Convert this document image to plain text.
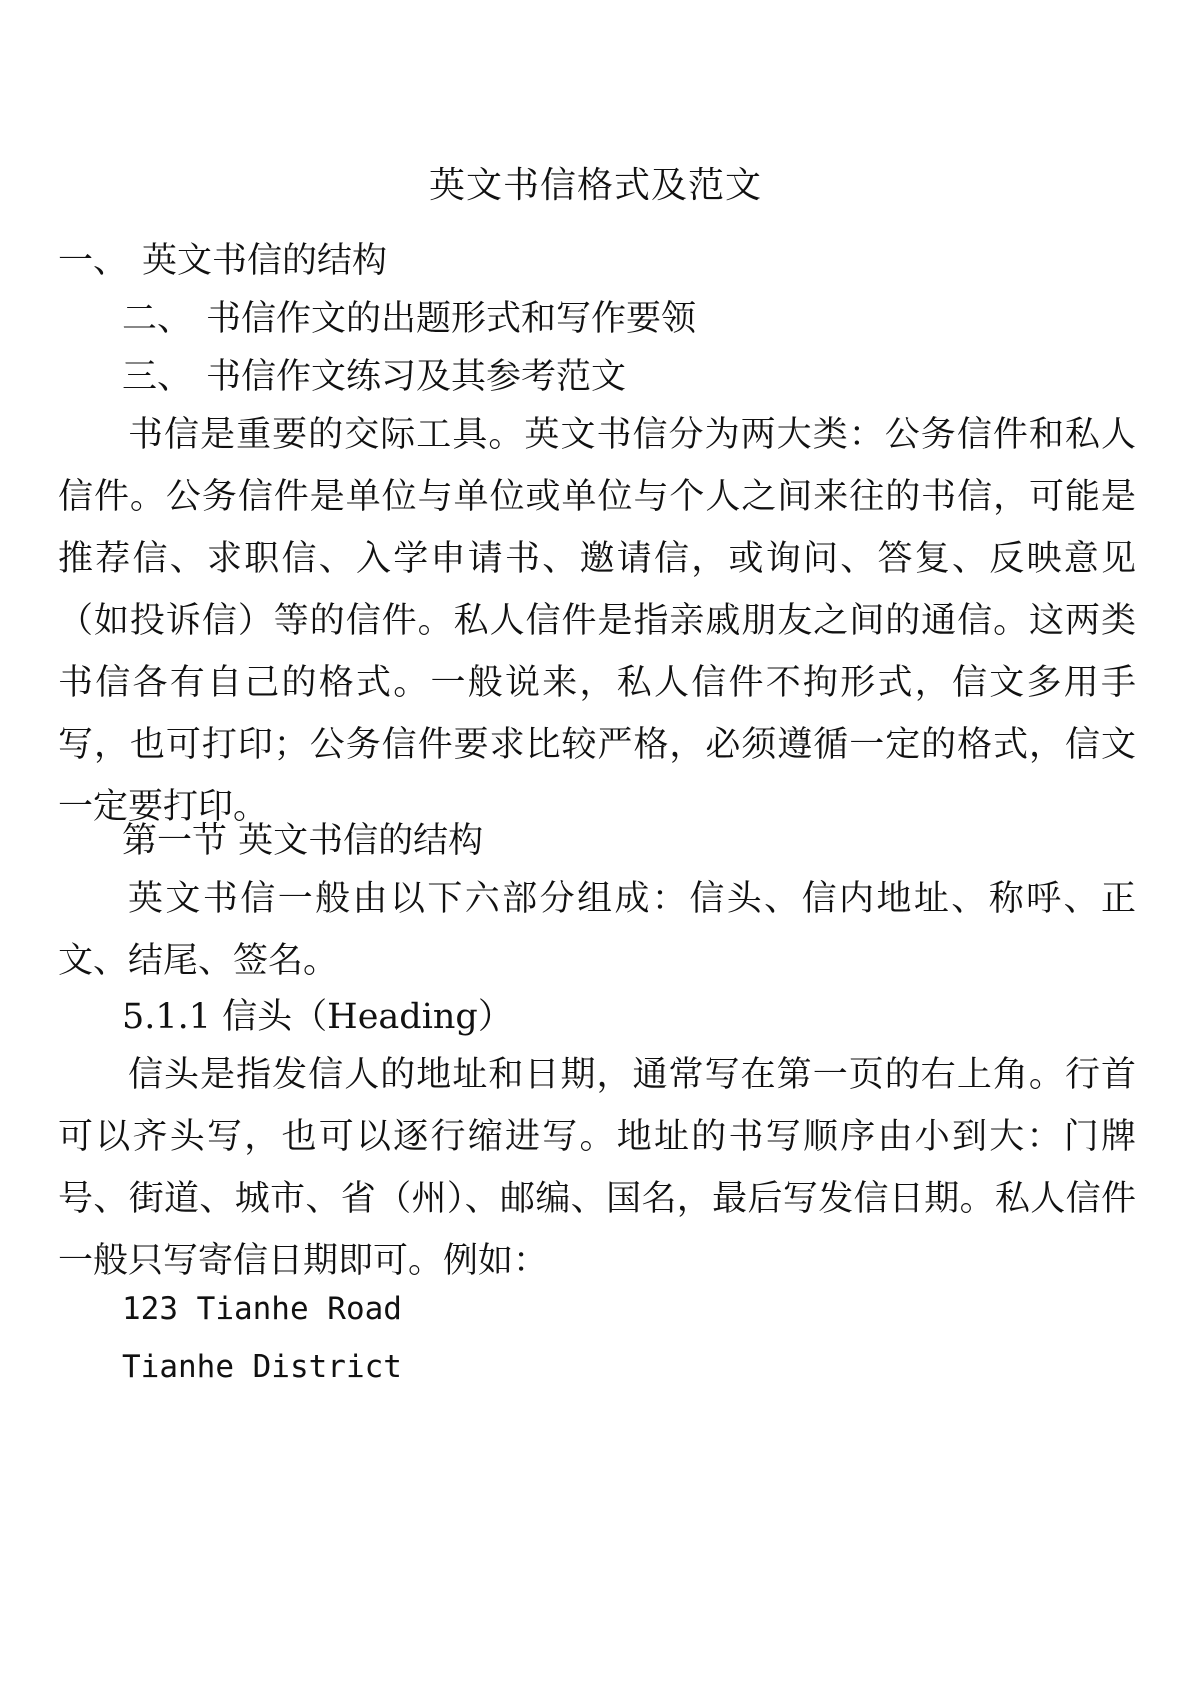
英文书信格式及范文
一、 英文书信的结构
二、 书信作文的出题形式和写作要领
三、 书信作文练习及其参考范文

书信是重要的交际工具。英文书信分为两大类：公务信件和私人信件。公务信件是单位与单位或单位与个人之间来往的书信，可能是推荐信、求职信、入学申请书、邀请信，或询问、答复、反映意见（如投诉信）等的信件。私人信件是指亲戚朋友之间的通信。这两类书信各有自己的格式。一般说来，私人信件不拘形式，信文多用手写，也可打印；公务信件要求比较严格，必须遵循一定的格式，信文一定要打印。

第一节 英文书信的结构

英文书信一般由以下六部分组成：信头、信内地址、称呼、正文、结尾、签名。

5.1.1 信头（Heading）

信头是指发信人的地址和日期，通常写在第一页的右上角。行首可以齐头写，也可以逐行缩进写。地址的书写顺序由小到大：门牌号、街道、城市、省（州）、邮编、国名，最后写发信日期。私人信件一般只写寄信日期即可。例如：

123 Tianhe Road
Tianhe District
